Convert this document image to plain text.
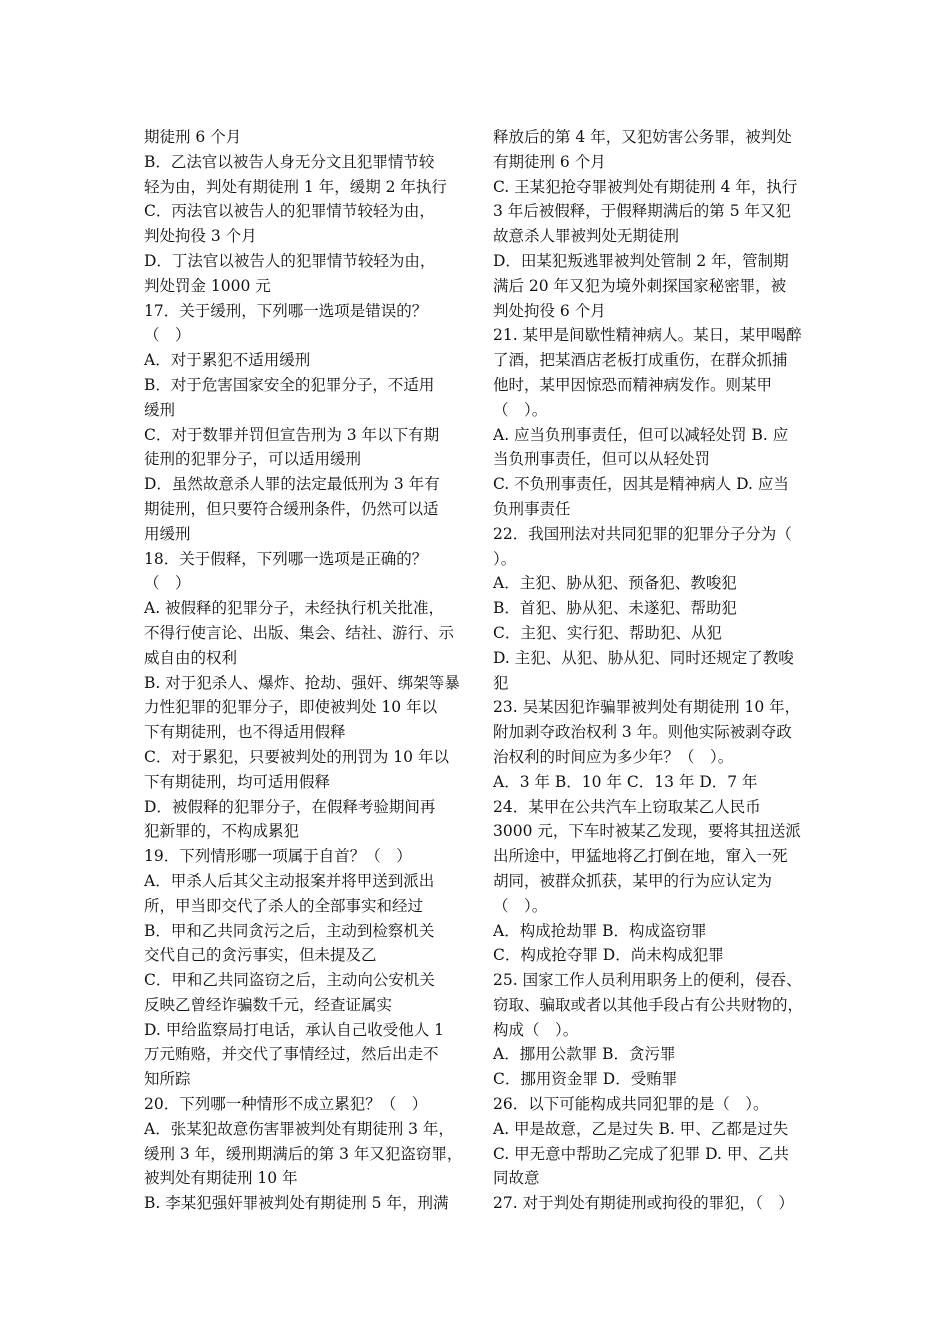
期徒刑 6 个月
B．乙法官以被告人身无分文且犯罪情节较
轻为由，判处有期徒刑 1 年，缓期 2 年执行
C．丙法官以被告人的犯罪情节较轻为由，
判处拘役 3 个月
D．丁法官以被告人的犯罪情节较轻为由，
判处罚金 1000 元
17．关于缓刑，下列哪一选项是错误的？
（　）
A．对于累犯不适用缓刑
B．对于危害国家安全的犯罪分子，不适用
缓刑
C．对于数罪并罚但宣告刑为 3 年以下有期
徒刑的犯罪分子，可以适用缓刑
D．虽然故意杀人罪的法定最低刑为 3 年有
期徒刑，但只要符合缓刑条件，仍然可以适
用缓刑
18．关于假释，下列哪一选项是正确的？
（　）
A. 被假释的犯罪分子，未经执行机关批准，
不得行使言论、出版、集会、结社、游行、示
威自由的权利
B. 对于犯杀人、爆炸、抢劫、强奸、绑架等暴
力性犯罪的犯罪分子，即使被判处 10 年以
下有期徒刑，也不得适用假释
C．对于累犯，只要被判处的刑罚为 10 年以
下有期徒刑，均可适用假释
D．被假释的犯罪分子，在假释考验期间再
犯新罪的，不构成累犯
19．下列情形哪一项属于自首？（　）
A．甲杀人后其父主动报案并将甲送到派出
所，甲当即交代了杀人的全部事实和经过
B．甲和乙共同贪污之后，主动到检察机关
交代自己的贪污事实，但未提及乙
C．甲和乙共同盗窃之后，主动向公安机关
反映乙曾经诈骗数千元，经查证属实
D. 甲给监察局打电话，承认自己收受他人 1
万元贿赂，并交代了事情经过，然后出走不
知所踪
20．下列哪一种情形不成立累犯？（　）
A．张某犯故意伤害罪被判处有期徒刑 3 年，
缓刑 3 年，缓刑期满后的第 3 年又犯盗窃罪，
被判处有期徒刑 10 年
B. 李某犯强奸罪被判处有期徒刑 5 年，刑满
释放后的第 4 年，又犯妨害公务罪，被判处
有期徒刑 6 个月
C. 王某犯抢夺罪被判处有期徒刑 4 年，执行
3 年后被假释，于假释期满后的第 5 年又犯
故意杀人罪被判处无期徒刑
D．田某犯叛逃罪被判处管制 2 年，管制期
满后 20 年又犯为境外刺探国家秘密罪，被
判处拘役 6 个月
21. 某甲是间歇性精神病人。某日，某甲喝醉
了酒，把某酒店老板打成重伤，在群众抓捕
他时，某甲因惊恐而精神病发作。则某甲
（　）。
A. 应当负刑事责任，但可以减轻处罚 B. 应
当负刑事责任，但可以从轻处罚
C. 不负刑事责任，因其是精神病人 D. 应当
负刑事责任
22．我国刑法对共同犯罪的犯罪分子分为（
）。
A．主犯、胁从犯、预备犯、教唆犯
B．首犯、胁从犯、未遂犯、帮助犯
C．主犯、实行犯、帮助犯、从犯
D. 主犯、从犯、胁从犯、同时还规定了教唆
犯
23. 吴某因犯诈骗罪被判处有期徒刑 10 年，
附加剥夺政治权利 3 年。则他实际被剥夺政
治权利的时间应为多少年？（　）。
A．3 年 B．10 年 C．13 年 D．7 年
24．某甲在公共汽车上窃取某乙人民币
3000 元，下车时被某乙发现，要将其扭送派
出所途中，甲猛地将乙打倒在地，窜入一死
胡同，被群众抓获，某甲的行为应认定为
（　）。
A．构成抢劫罪 B．构成盗窃罪
C．构成抢夺罪 D．尚未构成犯罪
25. 国家工作人员利用职务上的便利，侵吞、
窃取、骗取或者以其他手段占有公共财物的，
构成（　）。
A．挪用公款罪 B．贪污罪
C．挪用资金罪 D．受贿罪
26．以下可能构成共同犯罪的是（　）。
A. 甲是故意，乙是过失 B. 甲、乙都是过失
C. 甲无意中帮助乙完成了犯罪 D. 甲、乙共
同故意
27. 对于判处有期徒刑或拘役的罪犯，（　）
